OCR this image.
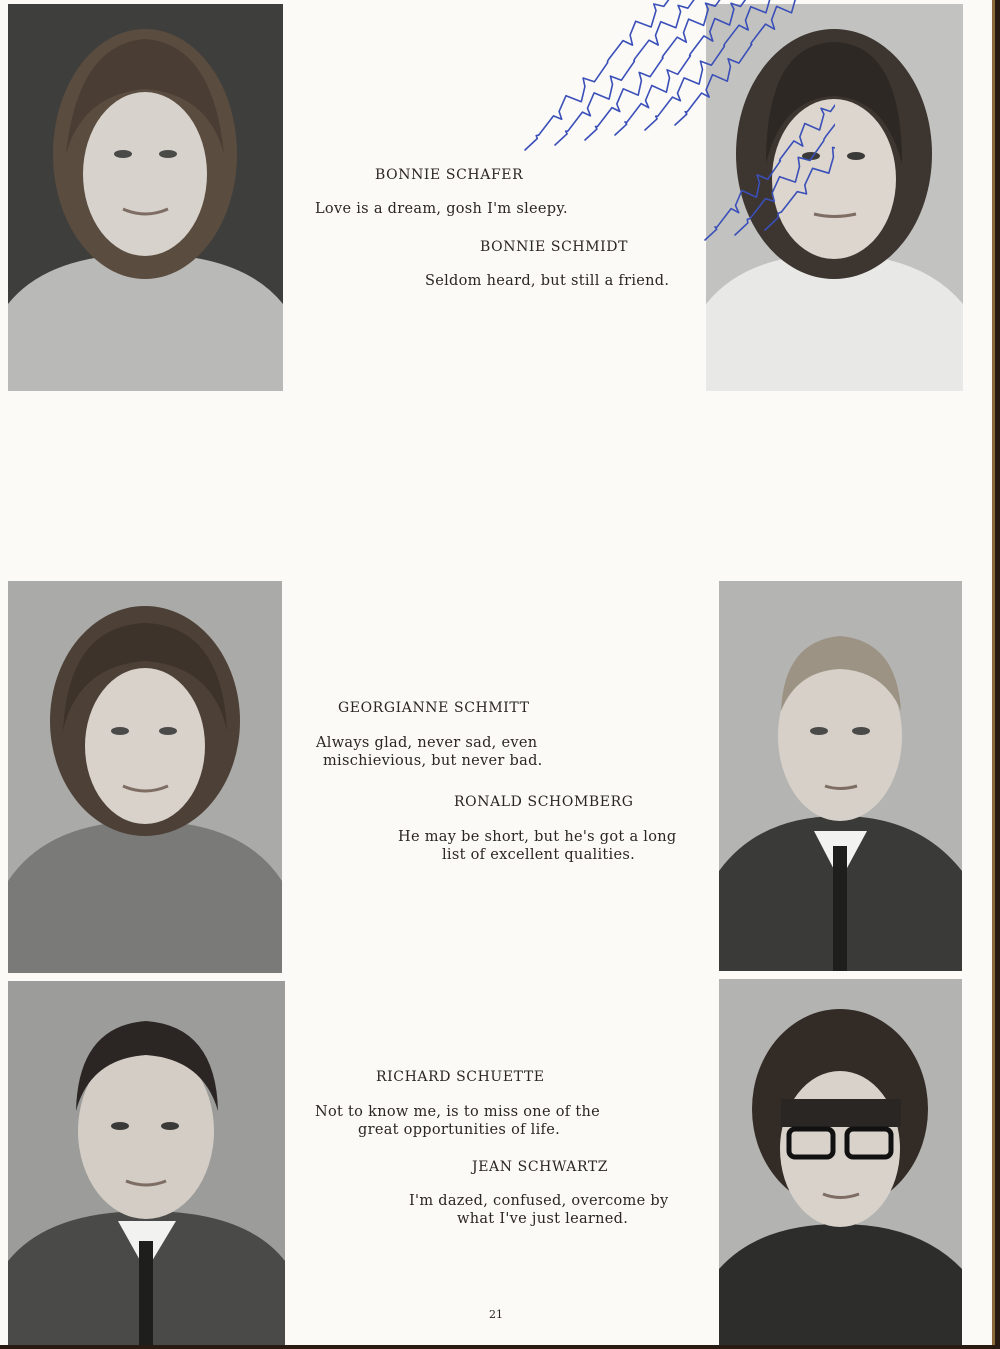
BONNIE SCHAFER
Love is a dream, gosh I'm sleepy.
BONNIE SCHMIDT
Seldom heard, but still a friend.
GEORGIANNE SCHMITT
Always glad, never sad, even
mischievious, but never bad.
RONALD SCHOMBERG
He may be short, but he's got a long
list of excellent qualities.
RICHARD SCHUETTE
Not to know me, is to miss one of the
great opportunities of life.
JEAN SCHWARTZ
I'm dazed, confused, overcome by
what I've just learned.
21
